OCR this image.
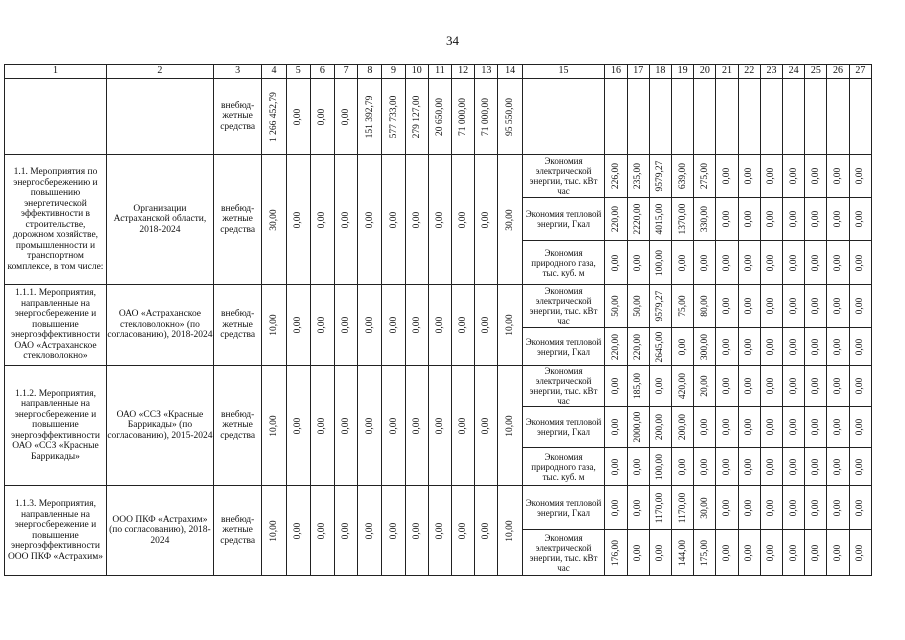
34
1	2	3	4	5	6	7	8	9	10	11	12	13	14	15	16	17	18	19	20	21	22	23	24	25	26	27
		внебюд-жетные средства	1 266 452,79	0,00	0,00	0,00	151 392,79	577 733,00	279 127,00	20 650,00	71 000,00	71 000,00	95 550,00													

1.1. Мероприятия по энергосбережению и повышению энергетической эффективности в строительстве, дорожном хозяйстве, промышленности и транспортном комплексе, в том числе:	Организации Астраханской области, 2018-2024	внебюд-жетные средства	30,00	0,00	0,00	0,00	0,00	0,00	0,00	0,00	0,00	0,00	30,00	Экономия электрической энергии, тыс. кВт час	226,00	235,00	9579,27	639,00	275,00	0,00	0,00	0,00	0,00	0,00	0,00	0,00

														Экономия тепловой энергии, Гкал	220,00	2220,00	4015,00	1370,00	330,00	0,00	0,00	0,00	0,00	0,00	0,00	0,00

														Экономия природного газа, тыс. куб. м	0,00	0,00	100,00	0,00	0,00	0,00	0,00	0,00	0,00	0,00	0,00	0,00

1.1.1. Мероприятия, направленные на энергосбережение и повышение энергоэффективности ОАО «Астраханское стекловолокно»	ОАО «Астраханское стекловолокно» (по согласованию), 2018-2024	внебюд-жетные средства	10,00	0,00	0,00	0,00	0,00	0,00	0,00	0,00	0,00	0,00	10,00	Экономия электрической энергии, тыс. кВт час	50,00	50,00	9579,27	75,00	80,00	0,00	0,00	0,00	0,00	0,00	0,00	0,00

														Экономия тепловой энергии, Гкал	220,00	220,00	2645,00	0,00	300,00	0,00	0,00	0,00	0,00	0,00	0,00	0,00

1.1.2. Мероприятия, направленные на энергосбережение и повышение энергоэффективности ОАО «ССЗ «Красные Баррикады»	ОАО «ССЗ «Красные Баррикады» (по согласованию), 2015-2024	внебюд-жетные средства	10,00	0,00	0,00	0,00	0,00	0,00	0,00	0,00	0,00	0,00	10,00	Экономия электрической энергии, тыс. кВт час	0,00	185,00	0,00	420,00	20,00	0,00	0,00	0,00	0,00	0,00	0,00	0,00

														Экономия тепловой энергии, Гкал	0,00	2000,00	200,00	200,00	0,00	0,00	0,00	0,00	0,00	0,00	0,00	0,00

														Экономия природного газа, тыс. куб. м	0,00	0,00	100,00	0,00	0,00	0,00	0,00	0,00	0,00	0,00	0,00	0,00

1.1.3. Мероприятия, направленные на энергосбережение и повышение энергоэффективности ООО ПКФ «Астрахим»	ООО ПКФ «Астрахим» (по согласованию), 2018-2024	внебюд-жетные средства	10,00	0,00	0,00	0,00	0,00	0,00	0,00	0,00	0,00	0,00	10,00	Экономия тепловой энергии, Гкал	0,00	0,00	1170,00	1170,00	30,00	0,00	0,00	0,00	0,00	0,00	0,00	0,00

														Экономия электрической энергии, тыс. кВт час	176,00	0,00	0,00	144,00	175,00	0,00	0,00	0,00	0,00	0,00	0,00	0,00
